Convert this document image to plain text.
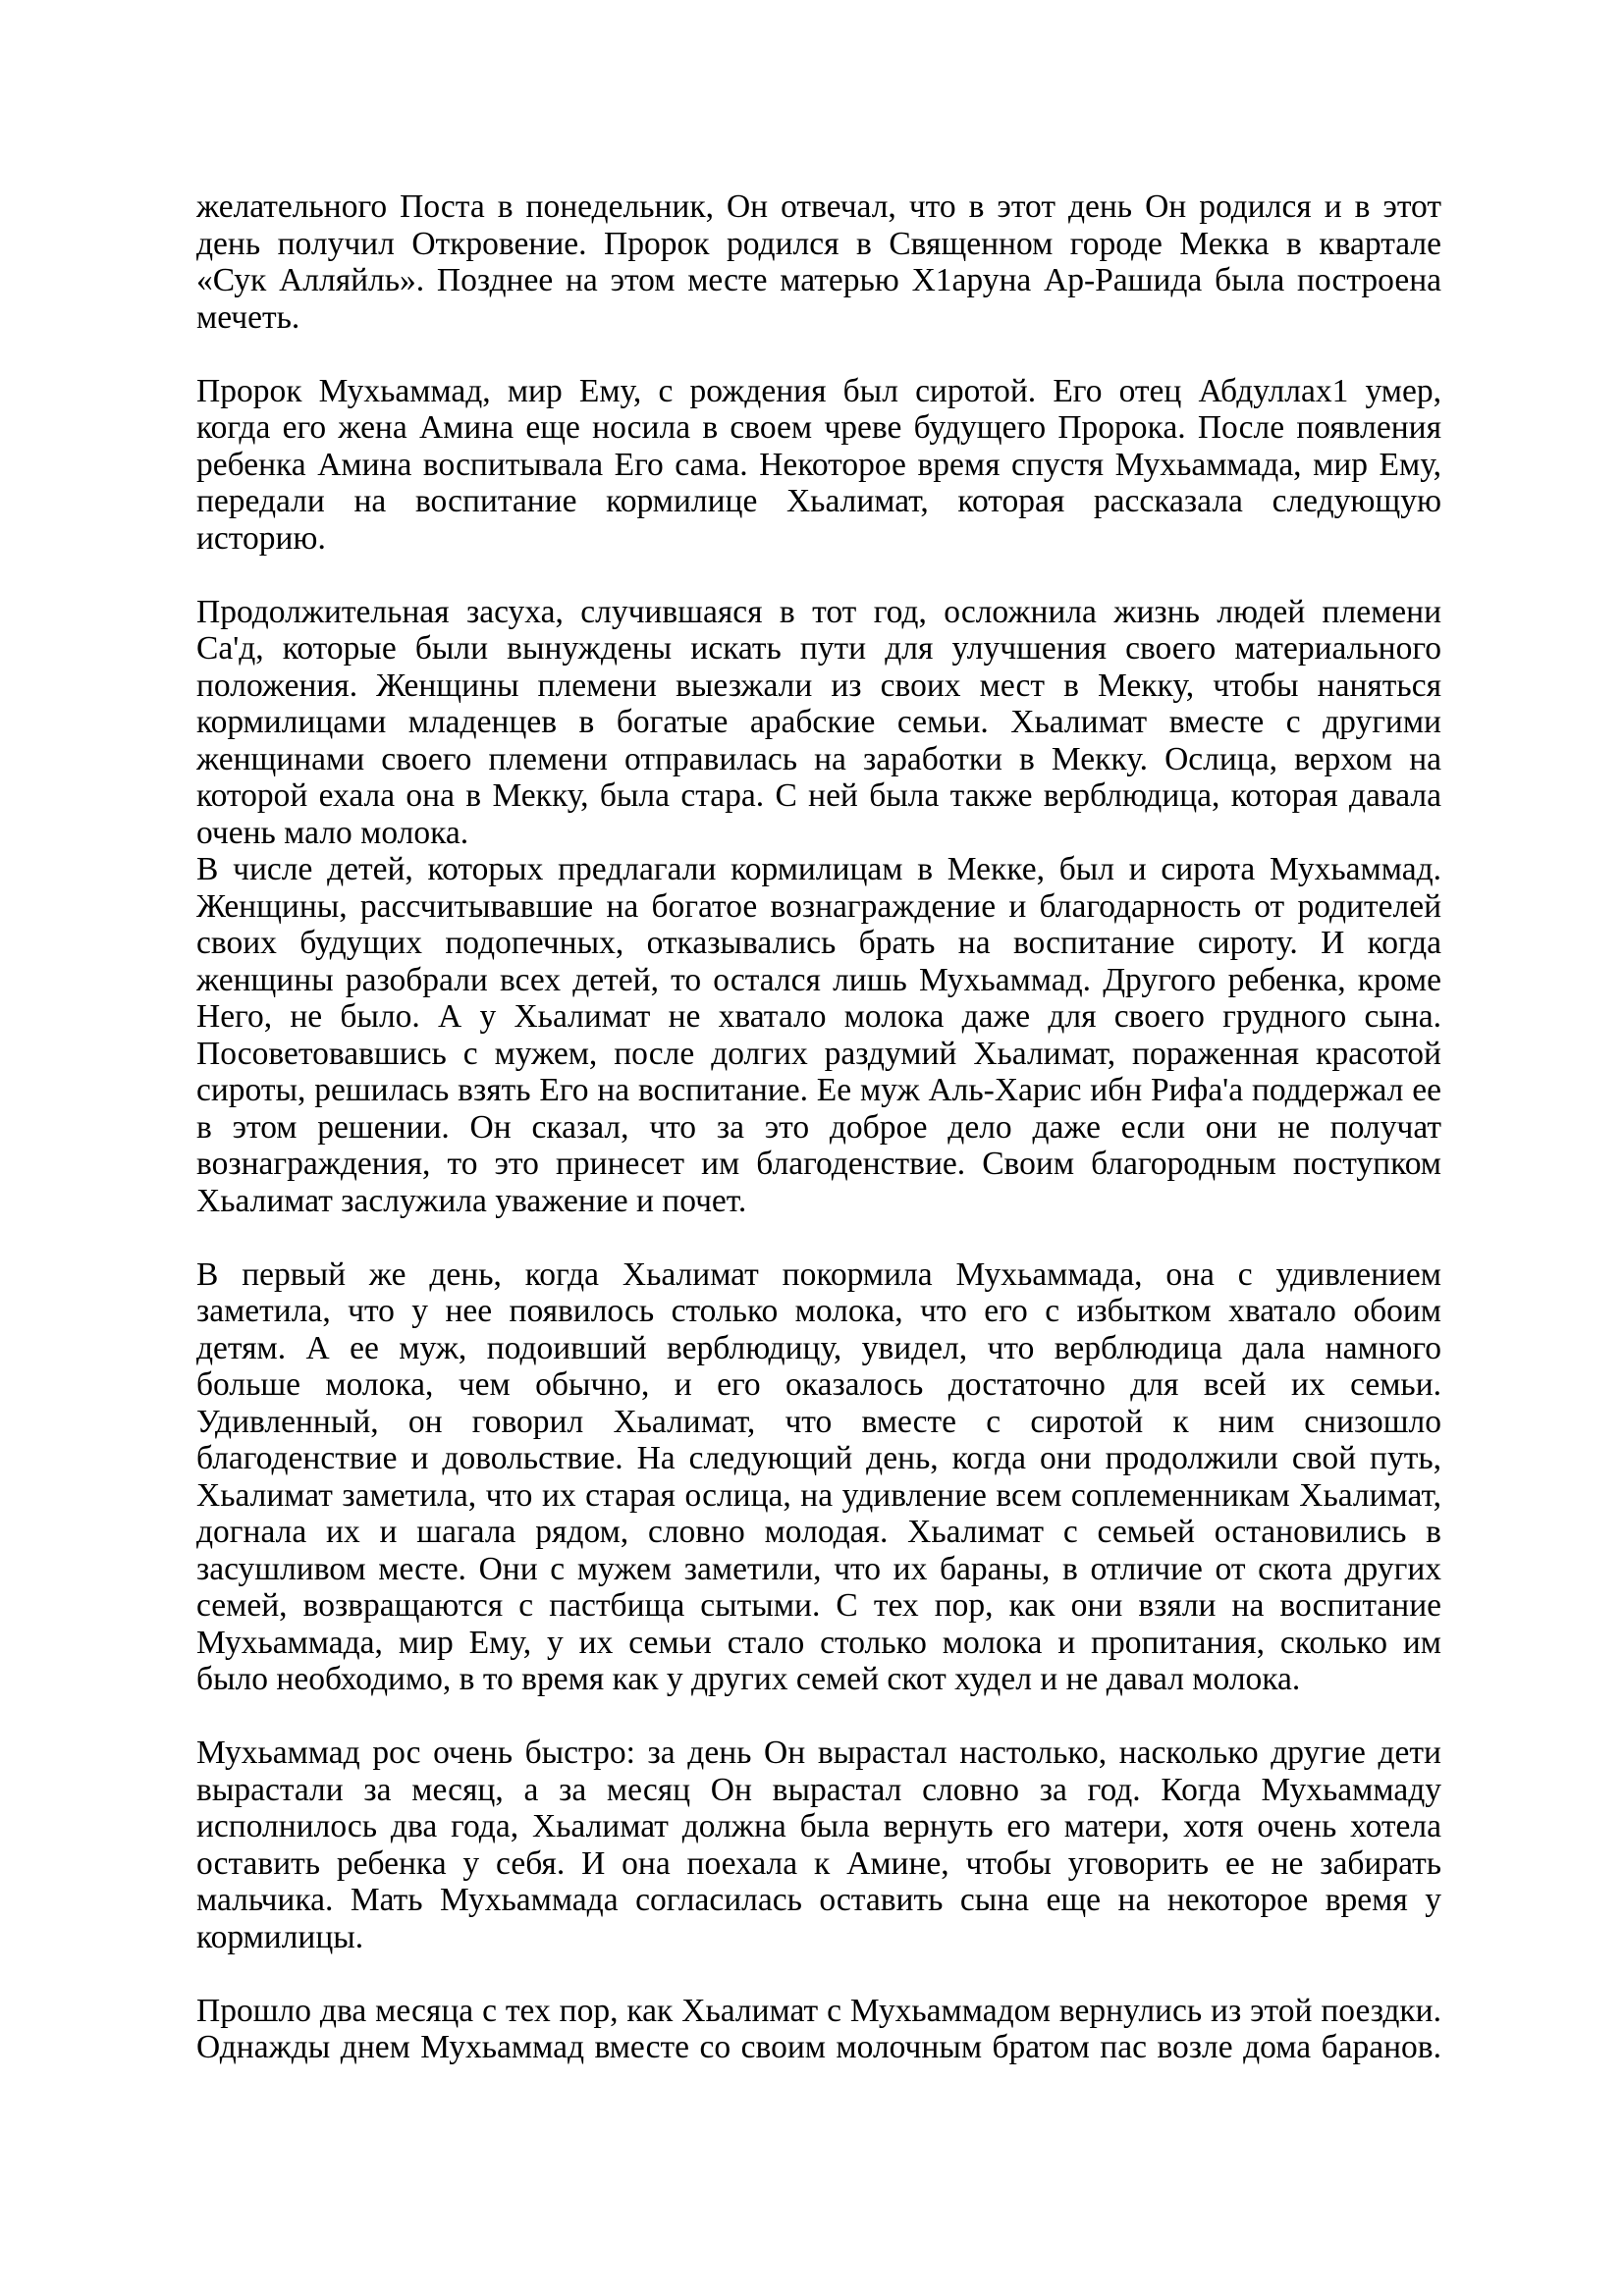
желательного Поста в понедельник, Он отвечал, что в этот день Он родился и в этот
день получил Откровение. Пророк родился в Священном городе Мекка в квартале
«Сук Алляйль». Позднее на этом месте матерью Х1аруна Ар-Рашида была построена
мечеть.

Пророк Мухьаммад, мир Ему, с рождения был сиротой. Его отец Абдуллах1 умер,
когда его жена Амина еще носила в своем чреве будущего Пророка. После появления
ребенка Амина воспитывала Его сама. Некоторое время спустя Мухьаммада, мир Ему,
передали на воспитание кормилице Хьалимат, которая рассказала следующую
историю.

Продолжительная засуха, случившаяся в тот год, осложнила жизнь людей племени
Са'д, которые были вынуждены искать пути для улучшения своего материального
положения. Женщины племени выезжали из своих мест в Мекку, чтобы наняться
кормилицами младенцев в богатые арабские семьи. Хьалимат вместе с другими
женщинами своего племени отправилась на заработки в Мекку. Ослица, верхом на
которой ехала она в Мекку, была стара. С ней была также верблюдица, которая давала
очень мало молока.

В числе детей, которых предлагали кормилицам в Мекке, был и сирота Мухьаммад.
Женщины, рассчитывавшие на богатое вознаграждение и благодарность от родителей
своих будущих подопечных, отказывались брать на воспитание сироту. И когда
женщины разобрали всех детей, то остался лишь Мухьаммад. Другого ребенка, кроме
Него, не было. А у Хьалимат не хватало молока даже для своего грудного сына.
Посоветовавшись с мужем, после долгих раздумий Хьалимат, пораженная красотой
сироты, решилась взять Его на воспитание. Ее муж Аль-Харис ибн Рифа'а поддержал ее
в этом решении. Он сказал, что за это доброе дело даже если они не получат
вознаграждения, то это принесет им благоденствие. Своим благородным поступком
Хьалимат заслужила уважение и почет.

В первый же день, когда Хьалимат покормила Мухьаммада, она с удивлением
заметила, что у нее появилось столько молока, что его с избытком хватало обоим
детям. А ее муж, подоивший верблюдицу, увидел, что верблюдица дала намного
больше молока, чем обычно, и его оказалось достаточно для всей их семьи.
Удивленный, он говорил Хьалимат, что вместе с сиротой к ним снизошло
благоденствие и довольствие. На следующий день, когда они продолжили свой путь,
Хьалимат заметила, что их старая ослица, на удивление всем соплеменникам Хьалимат,
догнала их и шагала рядом, словно молодая. Хьалимат с семьей остановились в
засушливом месте. Они с мужем заметили, что их бараны, в отличие от скота других
семей, возвращаются с пастбища сытыми. С тех пор, как они взяли на воспитание
Мухьаммада, мир Ему, у их семьи стало столько молока и пропитания, сколько им
было необходимо, в то время как у других семей скот худел и не давал молока.

Мухьаммад рос очень быстро: за день Он вырастал настолько, насколько другие дети
вырастали за месяц, а за месяц Он вырастал словно за год. Когда Мухьаммаду
исполнилось два года, Хьалимат должна была вернуть его матери, хотя очень хотела
оставить ребенка у себя. И она поехала к Амине, чтобы уговорить ее не забирать
мальчика. Мать Мухьаммада согласилась оставить сына еще на некоторое время у
кормилицы.

Прошло два месяца с тех пор, как Хьалимат с Мухьаммадом вернулись из этой поездки.
Однажды днем Мухьаммад вместе со своим молочным братом пас возле дома баранов.
